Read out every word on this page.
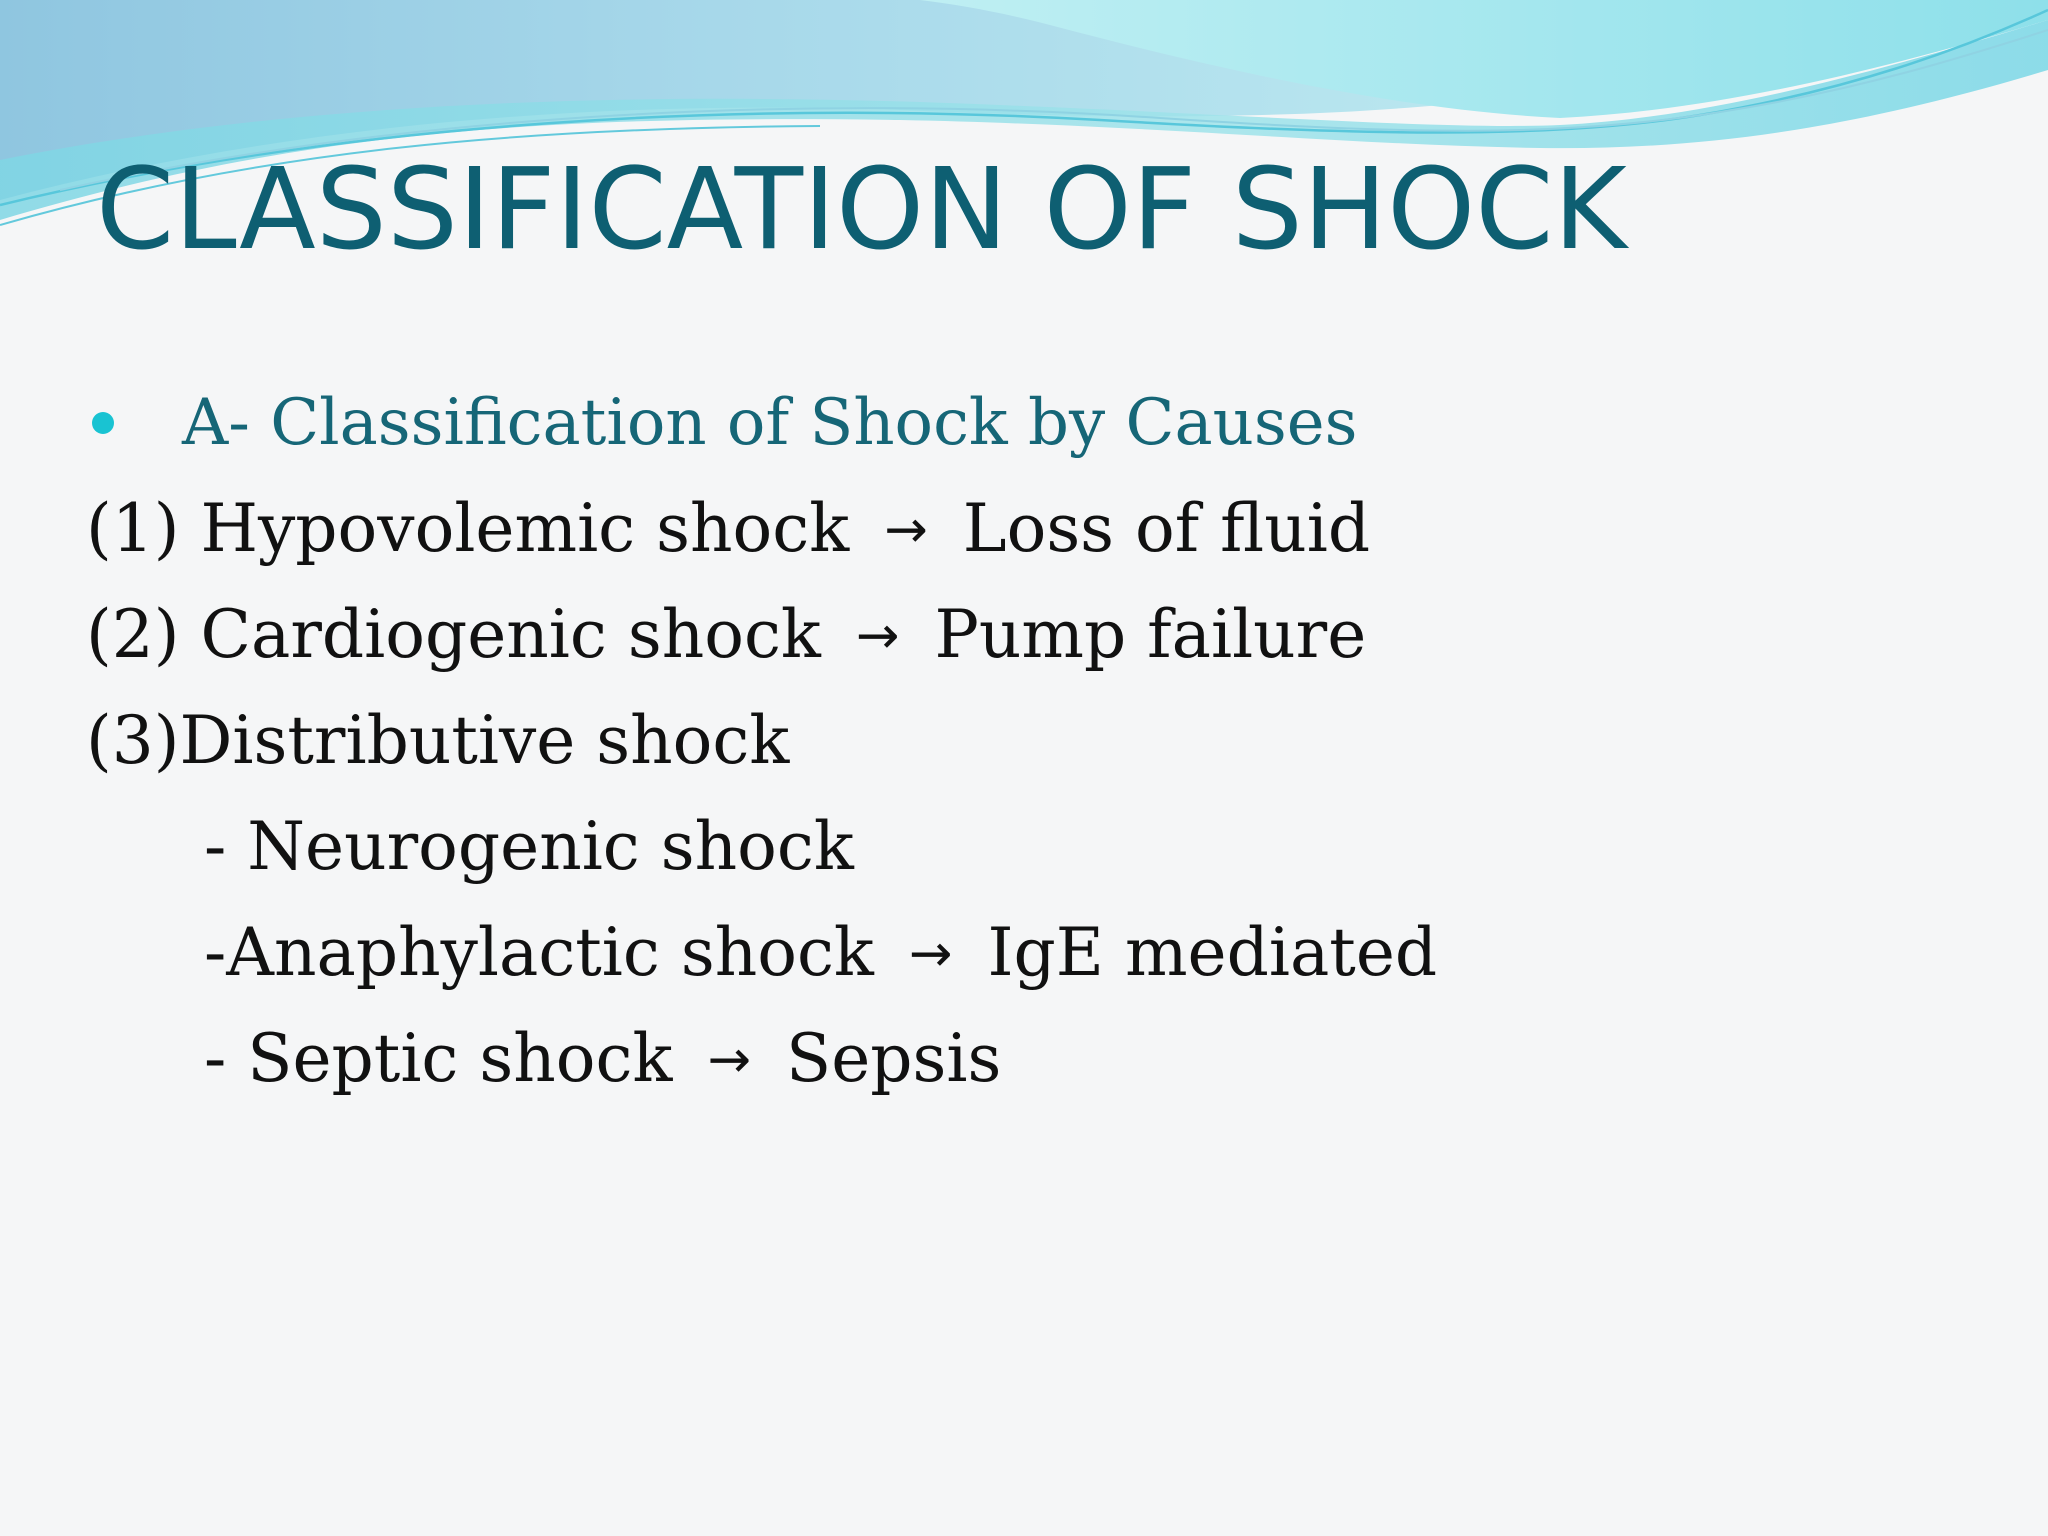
CLASSIFICATION OF SHOCK
A- Classification of Shock by Causes
(1) Hypovolemic shock → Loss of fluid
(2) Cardiogenic shock → Pump failure
(3)Distributive shock
- Neurogenic shock
-Anaphylactic shock → IgE mediated
- Septic shock → Sepsis
